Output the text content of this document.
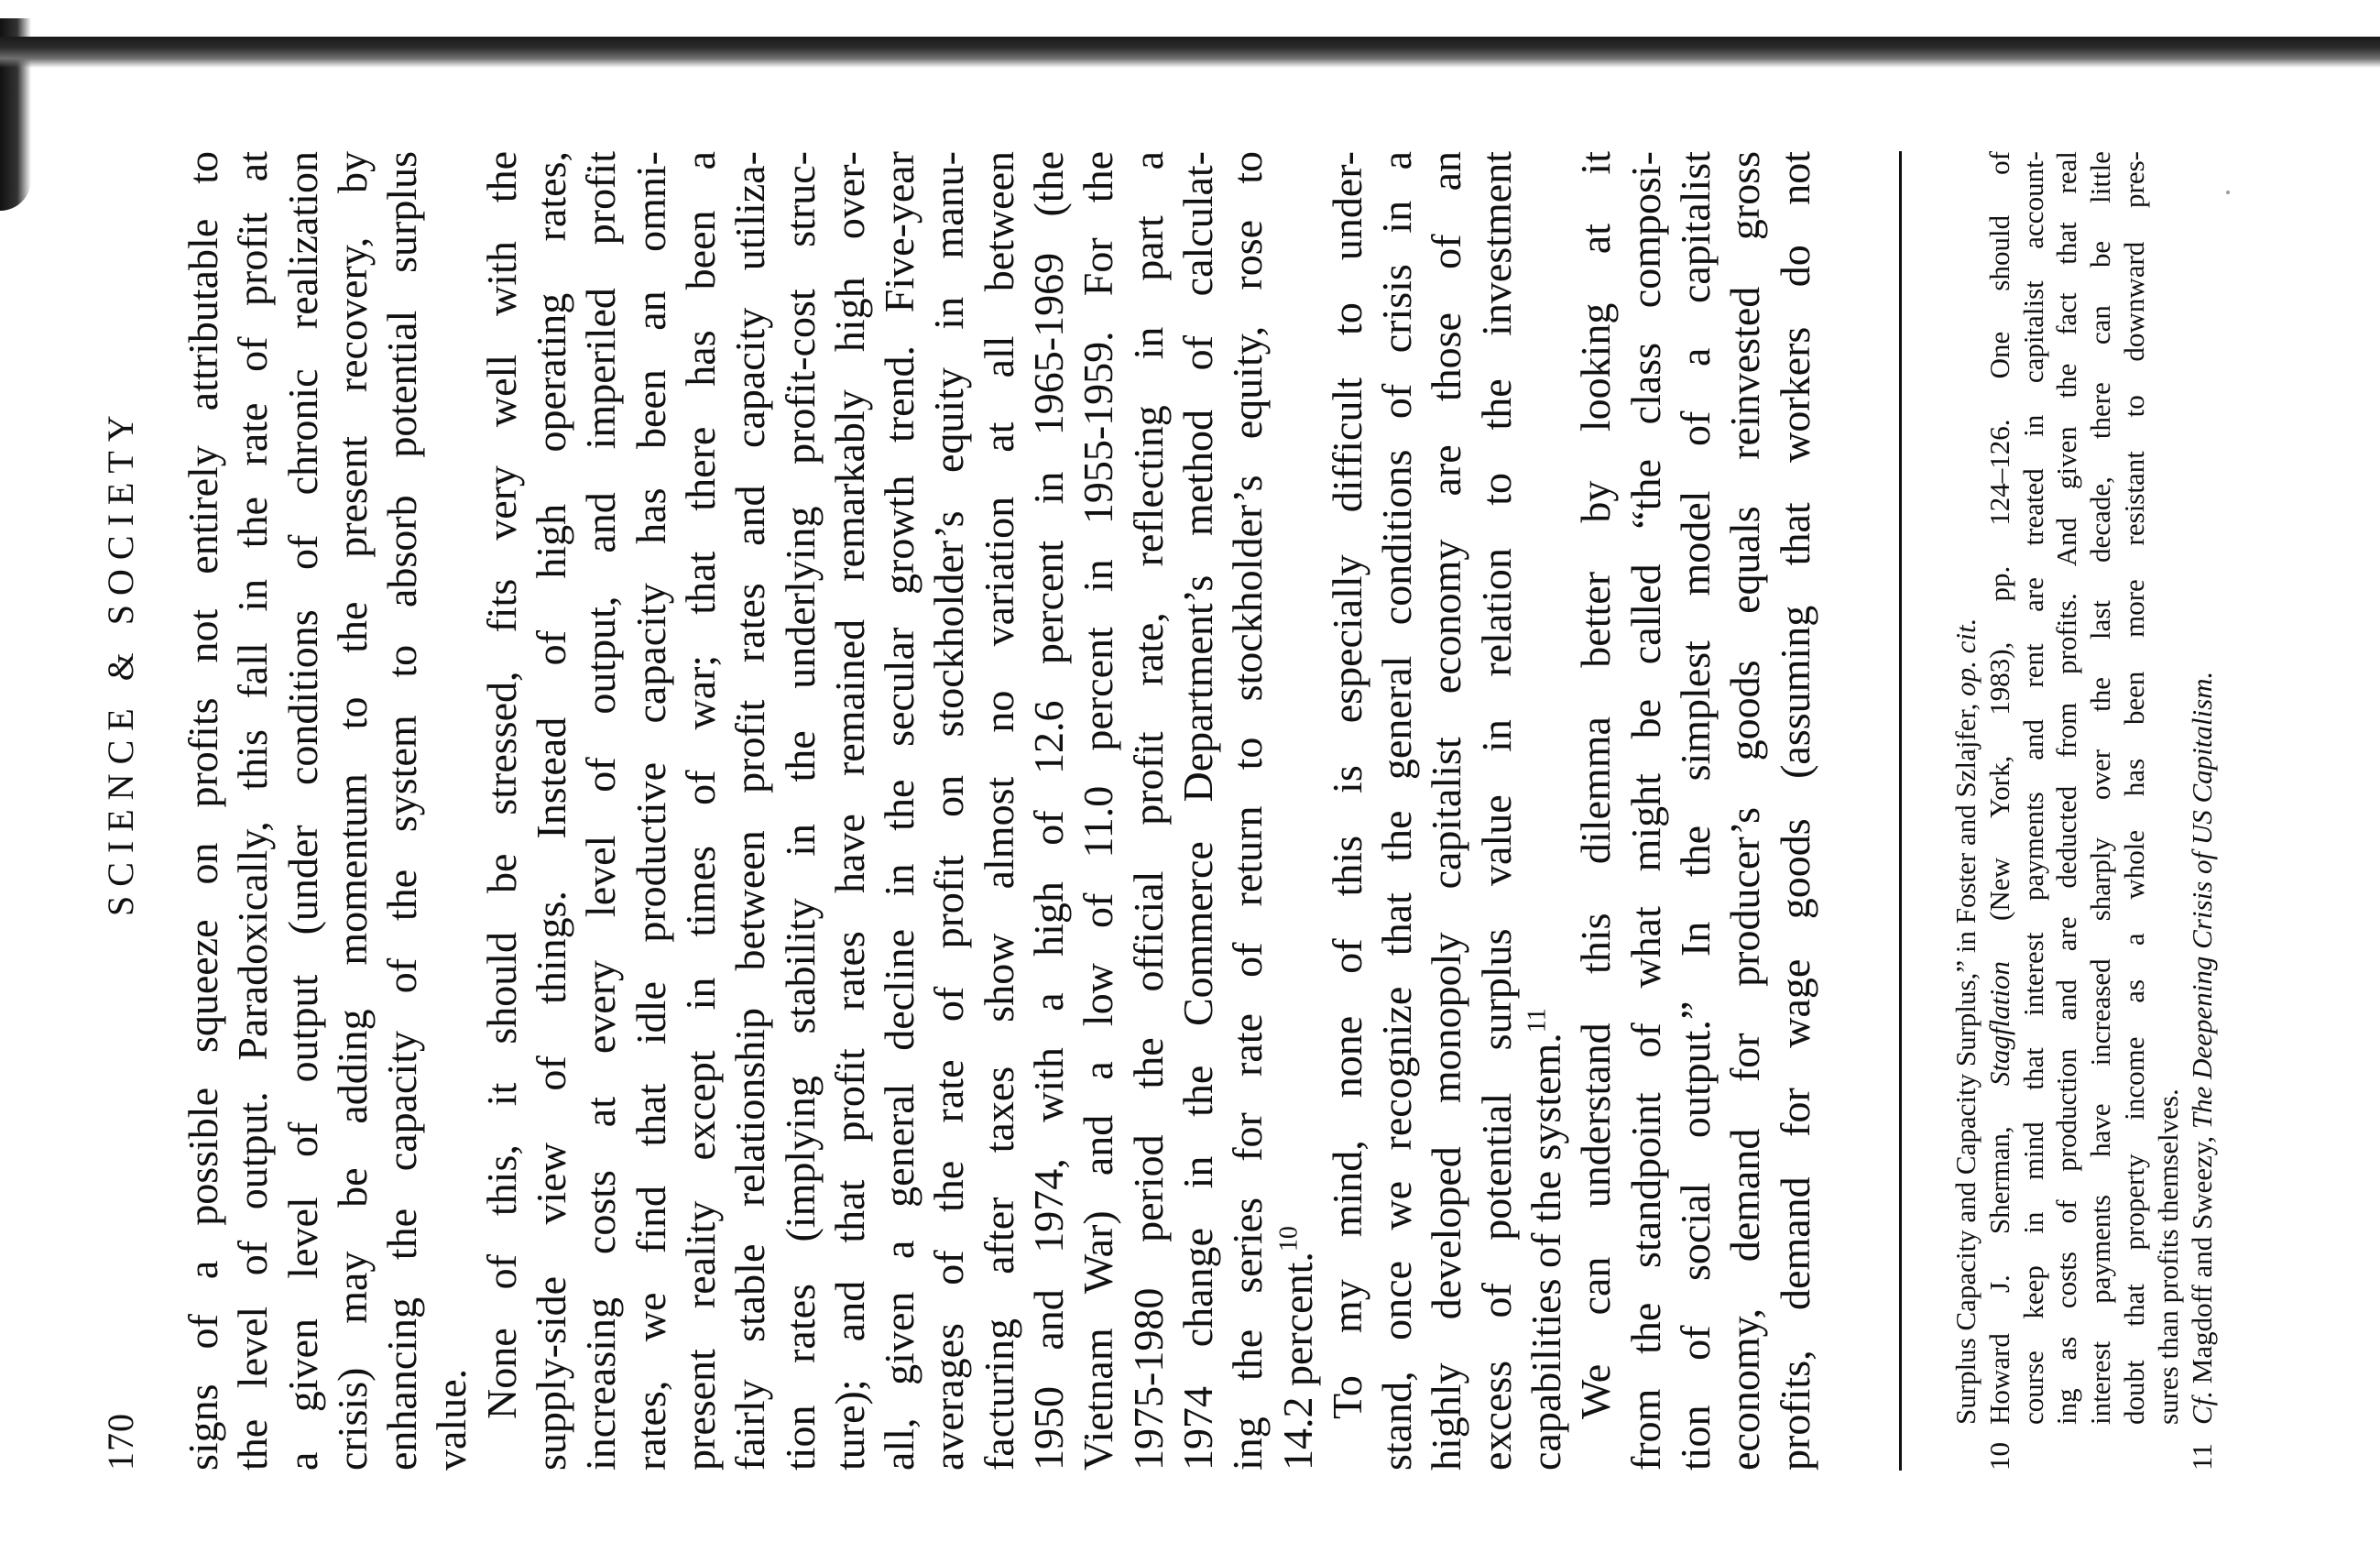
170
SCIENCE & SOCIETY signs of a possible squeeze on profits not entirely attributable to the level of output. Paradoxically, this fall in the rate of profit at a given level of output (under conditions of chronic realization crisis) may be adding momentum to the present recovery, by enhancing the capacity of the system to absorb potential surplus value.
None of this, it should be stressed, fits very well with the supply-side view of things. Instead of high operating rates, increasing costs at every level of output, and imperiled profit rates, we find that idle productive capacity has been an omni- present reality except in times of war; that there has been a fairly stable relationship between profit rates and capacity utiliza- tion rates (implying stability in the underlying profit-cost struc- ture); and that profit rates have remained remarkably high over- all, given a general decline in the secular growth trend. Five-year averages of the rate of profit on stockholder’s equity in manu- facturing after taxes show almost no variation at all between 1950 and 1974, with a high of 12.6 percent in 1965-1969 (the Vietnam War) and a low of 11.0 percent in 1955-1959. For the 1975-1980 period the official profit rate, reflecting in part a 1974 change in the Commerce Department’s method of calculat- ing the series for rate of return to stockholder’s equity, rose to 14.2 percent.$^{10}$ To my mind, none of this is especially difficult to under- stand, once we recognize that the general conditions of crisis in a highly developed monopoly capitalist economy are those of an excess of potential surplus value in relation to the investment capabilities of the system.$^{11}$ We can understand this dilemma better by looking at it from the standpoint of what might be called “the class composi- tion of social output.” In the simplest model of a capitalist economy, demand for producer’s goods equals reinvested gross profits, demand for wage goods (assuming that workers do not	Surplus Capacity and Capacity Surplus,” in Foster and Szlajfer, op. cit.
10
Howard J. Sherman, Stagflation (New York, 1983), pp. 124–126. One should of course keep in mind that interest payments and rent are treated in capitalist account- ing as costs of production and are deducted from profits. And given the fact that real interest payments have increased sharply over the last decade, there can be little doubt that property income as a whole has been more resistant to downward pres- sures than profits themselves.
11
Cf. Magdoff and Sweezy, The Deepening Crisis of US Capitalism.
